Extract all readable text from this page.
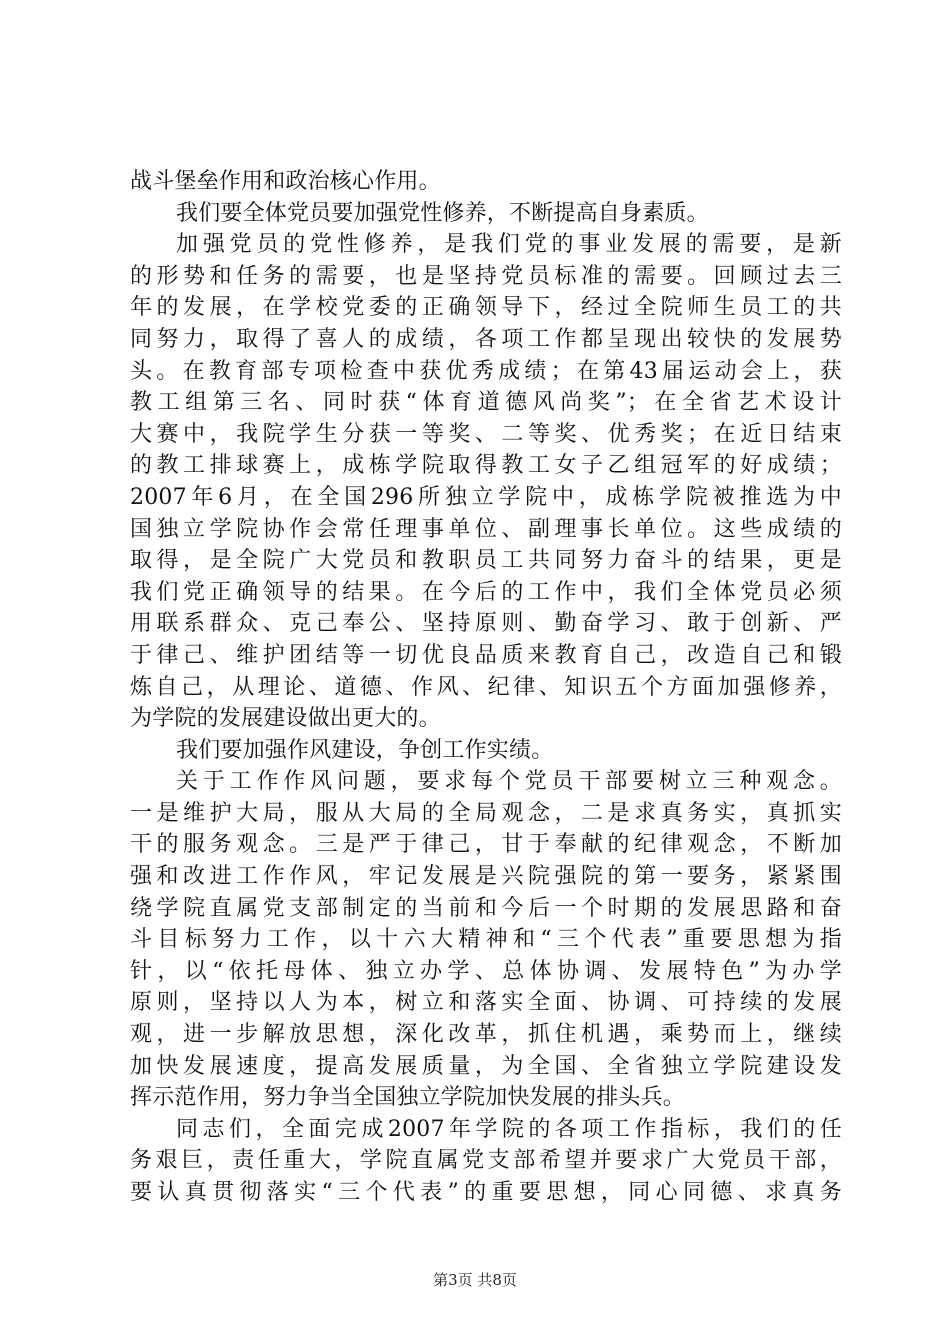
战斗堡垒作用和政治核心作用。
我们要全体党员要加强党性修养，不断提高自身素质。
加强党员的党性修养，是我们党的事业发展的需要，是新
的形势和任务的需要，也是坚持党员标准的需要。回顾过去三
年的发展，在学校党委的正确领导下，经过全院师生员工的共
同努力，取得了喜人的成绩，各项工作都呈现出较快的发展势
头。在教育部专项检查中获优秀成绩；在第43届运动会上，获
教工组第三名、同时获“体育道德风尚奖”；在全省艺术设计
大赛中，我院学生分获一等奖、二等奖、优秀奖；在近日结束
的教工排球赛上，成栋学院取得教工女子乙组冠军的好成绩；
2007年6月，在全国296所独立学院中，成栋学院被推选为中
国独立学院协作会常任理事单位、副理事长单位。这些成绩的
取得，是全院广大党员和教职员工共同努力奋斗的结果，更是
我们党正确领导的结果。在今后的工作中，我们全体党员必须
用联系群众、克己奉公、坚持原则、勤奋学习、敢于创新、严
于律己、维护团结等一切优良品质来教育自己，改造自己和锻
炼自己，从理论、道德、作风、纪律、知识五个方面加强修养，
为学院的发展建设做出更大的。
我们要加强作风建设，争创工作实绩。
关于工作作风问题，要求每个党员干部要树立三种观念。
一是维护大局，服从大局的全局观念，二是求真务实，真抓实
干的服务观念。三是严于律己，甘于奉献的纪律观念，不断加
强和改进工作作风，牢记发展是兴院强院的第一要务，紧紧围
绕学院直属党支部制定的当前和今后一个时期的发展思路和奋
斗目标努力工作，以十六大精神和“三个代表”重要思想为指
针，以“依托母体、独立办学、总体协调、发展特色”为办学
原则，坚持以人为本，树立和落实全面、协调、可持续的发展
观，进一步解放思想，深化改革，抓住机遇，乘势而上，继续
加快发展速度，提高发展质量，为全国、全省独立学院建设发
挥示范作用，努力争当全国独立学院加快发展的排头兵。
同志们，全面完成2007年学院的各项工作指标，我们的任
务艰巨，责任重大，学院直属党支部希望并要求广大党员干部，
要认真贯彻落实“三个代表”的重要思想，同心同德、求真务
第3页 共8页
